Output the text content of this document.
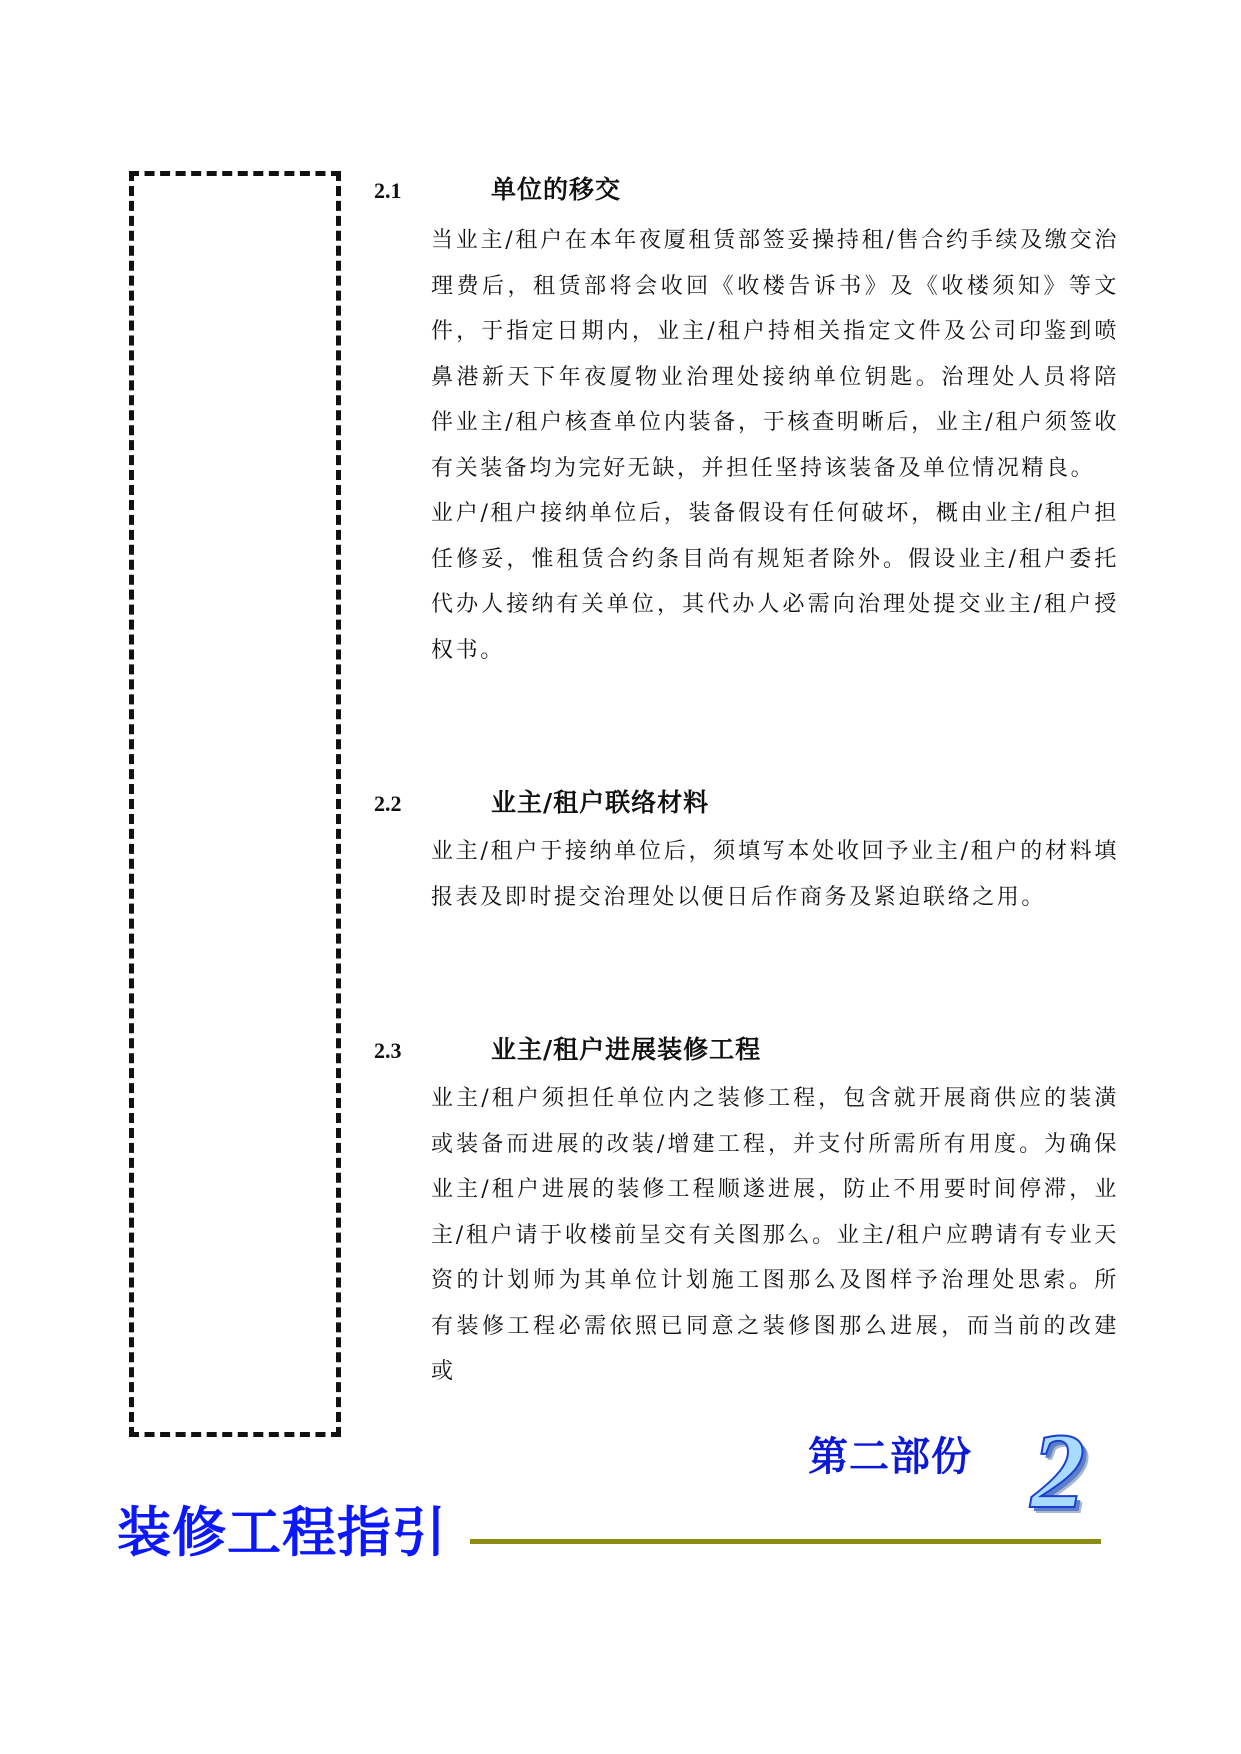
2.1	单位的移交

当业主/租户在本年夜厦租赁部签妥操持租/售合约手续及缴交治理费后，租赁部将会收回《收楼告诉书》及《收楼须知》等文件，于指定日期内，业主/租户持相关指定文件及公司印鉴到喷鼻港新天下年夜厦物业治理处接纳单位钥匙。治理处人员将陪伴业主/租户核查单位内装备，于核查明晰后，业主/租户须签收有关装备均为完好无缺，并担任坚持该装备及单位情况精良。

业户/租户接纳单位后，装备假设有任何破坏，概由业主/租户担任修妥，惟租赁合约条目尚有规矩者除外。假设业主/租户委托代办人接纳有关单位，其代办人必需向治理处提交业主/租户授权书。

2.2	业主/租户联络材料

业主/租户于接纳单位后，须填写本处收回予业主/租户的材料填报表及即时提交治理处以便日后作商务及紧迫联络之用。

2.3	业主/租户进展装修工程

业主/租户须担任单位内之装修工程，包含就开展商供应的装潢或装备而进展的改装/增建工程，并支付所需所有用度。为确保业主/租户进展的装修工程顺遂进展，防止不用要时间停滞，业主/租户请于收楼前呈交有关图那么。业主/租户应聘请有专业天资的计划师为其单位计划施工图那么及图样予治理处思索。所有装修工程必需依照已同意之装修图那么进展，而当前的改建或

第二部份 2
装修工程指引
